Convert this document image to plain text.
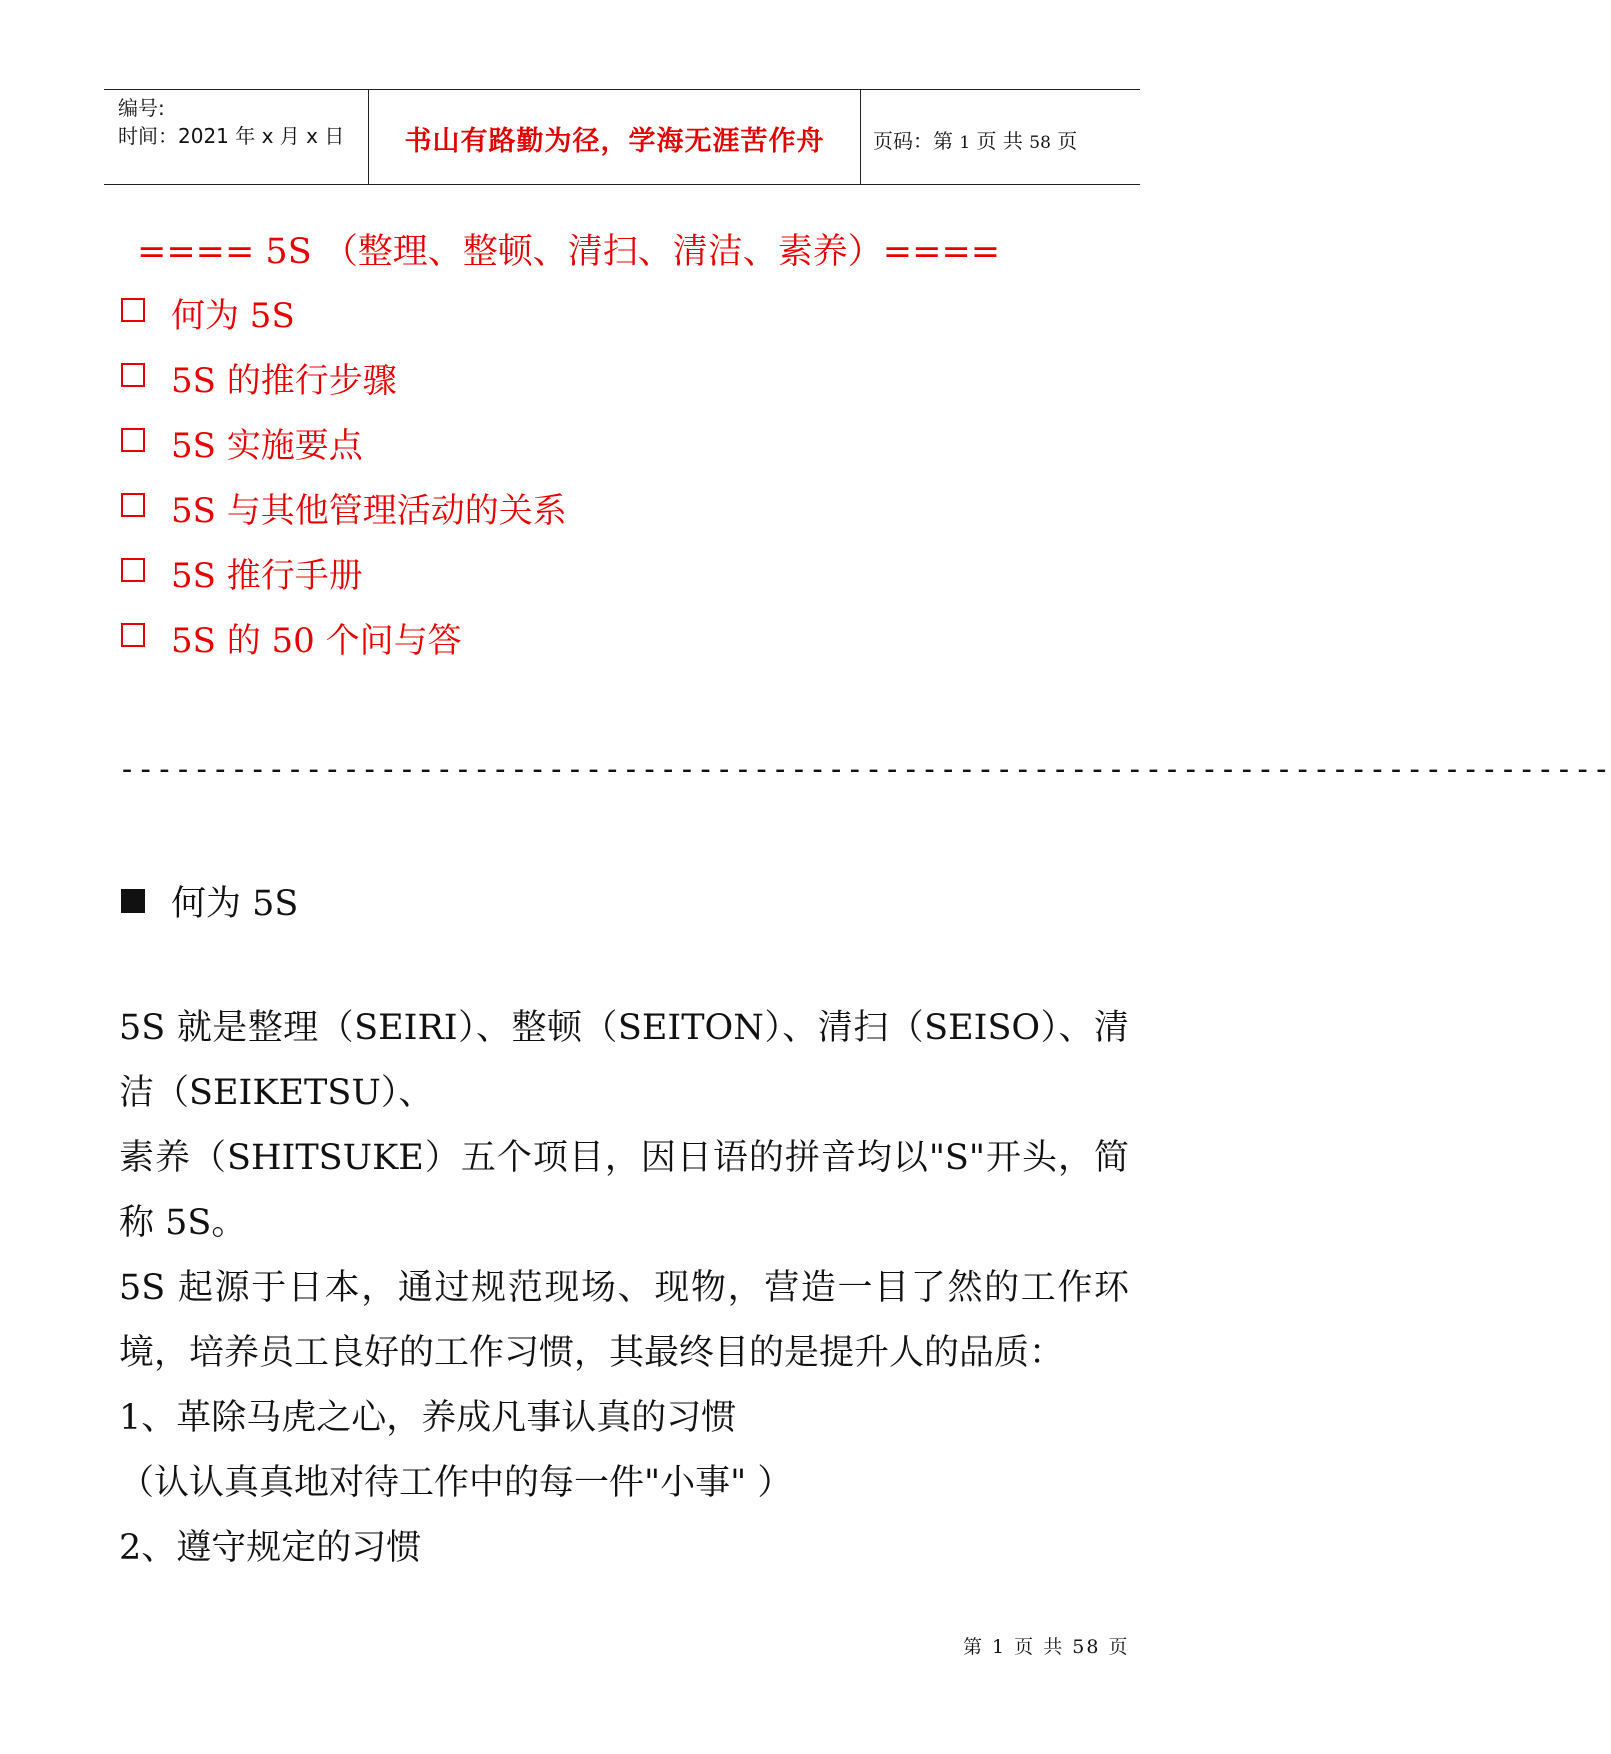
编号:
时间：2021 年 x 月 x 日	书山有路勤为径，学海无涯苦作舟	页码：第 1 页 共 58 页
==== 5S （整理、整顿、清扫、清洁、素养）====
何为 5S
5S 的推行步骤
5S 实施要点
5S 与其他管理活动的关系
5S 推行手册
5S 的 50 个问与答
--------------------------------------------------------------------------------
何为 5S

5S 就是整理（SEIRI）、整顿（SEITON）、清扫（SEISO）、清洁（SEIKETSU）、

素养（SHITSUKE）五个项目，因日语的拼音均以"S"开头，简称 5S。

5S 起源于日本，通过规范现场、现物，营造一目了然的工作环境，培养员工良好的工作习惯，其最终目的是提升人的品质：

1、革除马虎之心，养成凡事认真的习惯

（认认真真地对待工作中的每一件"小事" ）

2、遵守规定的习惯

第 1 页 共 58 页
